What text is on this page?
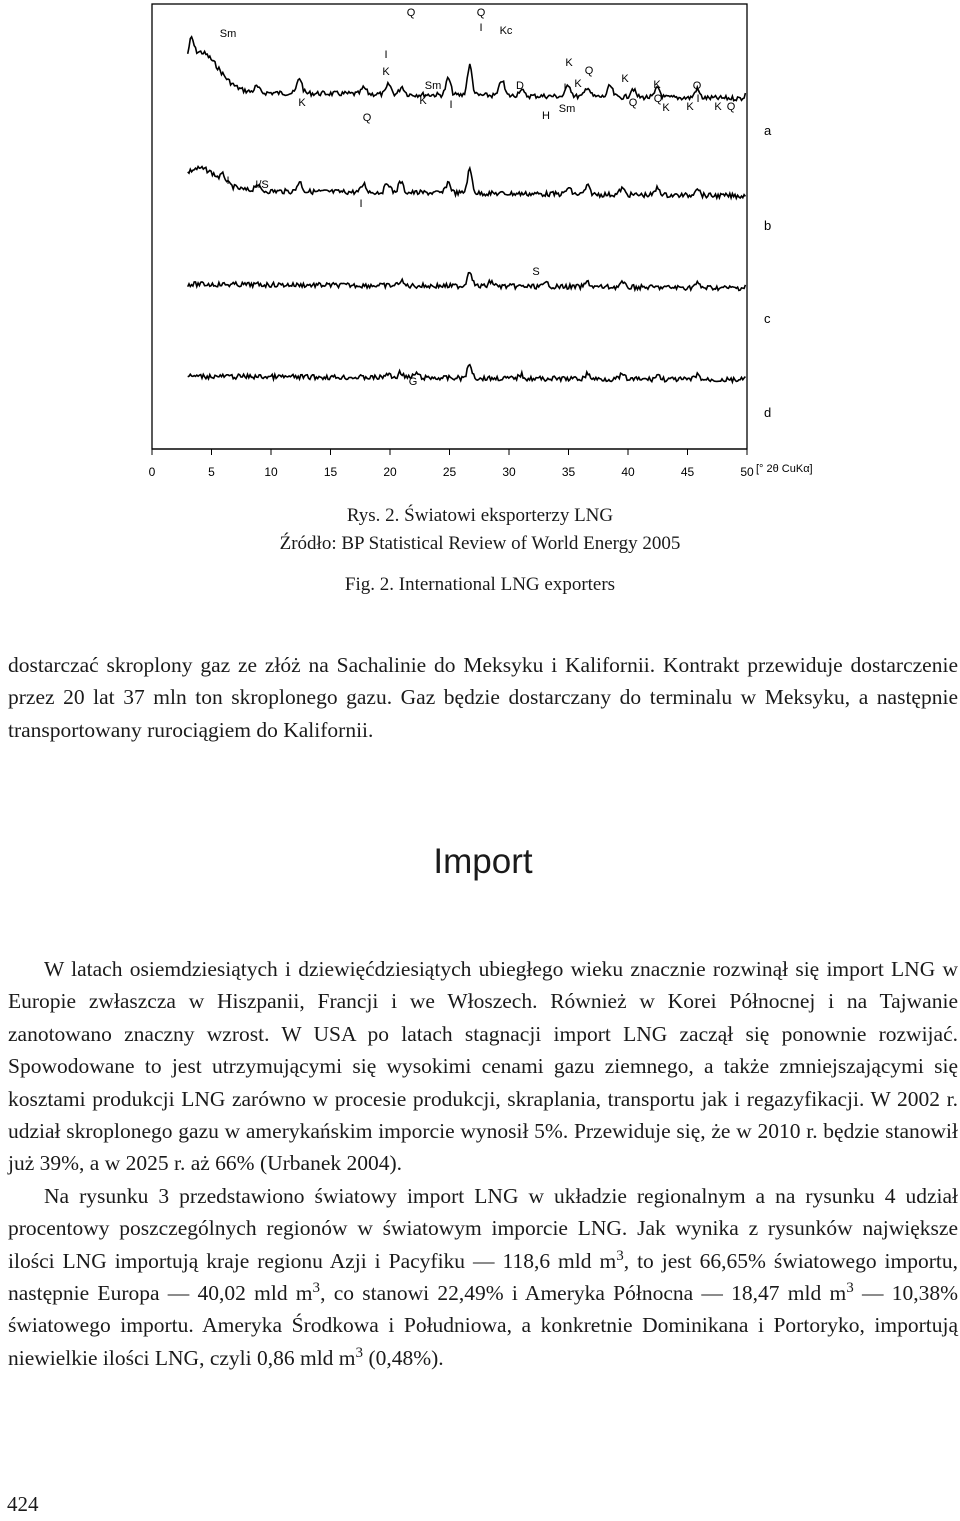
0	5	10	15	20	25	30	35	40	45	50
Sm
Q	Q
I
Kc
I
K
Sm
K
Q
K I
K
I K
Sm
D
Q
K
H
Q
K
K
Q
K
Q
K Q
I
I/S
I
I
S
G
a
b
c
d
[° 2θ CuKα]
Rys. 2. Światowi eksporterzy LNG
Źródło: BP Statistical Review of World Energy 2005
Fig. 2. International LNG exporters

dostarczać skroplony gaz ze złóż na Sachalinie do Meksyku i Kalifornii. Kontrakt przewiduje dostarczenie przez 20 lat 37 mln ton skroplonego gazu. Gaz będzie dostarczany do terminalu w Meksyku, a następnie transportowany rurociągiem do Kalifornii.

Import

W latach osiemdziesiątych i dziewięćdziesiątych ubiegłego wieku znacznie rozwinął się import LNG w Europie zwłaszcza w Hiszpanii, Francji i we Włoszech. Również w Korei Północnej i na Tajwanie zanotowano znaczny wzrost. W USA po latach stagnacji import LNG zaczął się ponownie rozwijać. Spowodowane to jest utrzymującymi się wysokimi cenami gazu ziemnego, a także zmniejszającymi się kosztami produkcji LNG zarówno w procesie produkcji, skraplania, transportu jak i regazyfikacji. W 2002 r. udział skroplonego gazu w amerykańskim imporcie wynosił 5%. Przewiduje się, że w 2010 r. będzie stanowił już 39%, a w 2025 r. aż 66% (Urbanek 2004).

Na rysunku 3 przedstawiono światowy import LNG w układzie regionalnym a na rysunku 4 udział procentowy poszczególnych regionów w światowym imporcie LNG. Jak wynika z rysunków największe ilości LNG importują kraje regionu Azji i Pacyfiku — 118,6 mld $m^3$, to jest 66,65% światowego importu, następnie Europa — 40,02 mld $m^3$, co stanowi 22,49% i Ameryka Północna — 18,47 mld $m^3$ — 10,38% światowego importu. Ameryka Środkowa i Południowa, a konkretnie Dominikana i Portoryko, importują niewielkie ilości LNG, czyli 0,86 mld $m^3$ (0,48%).

424
